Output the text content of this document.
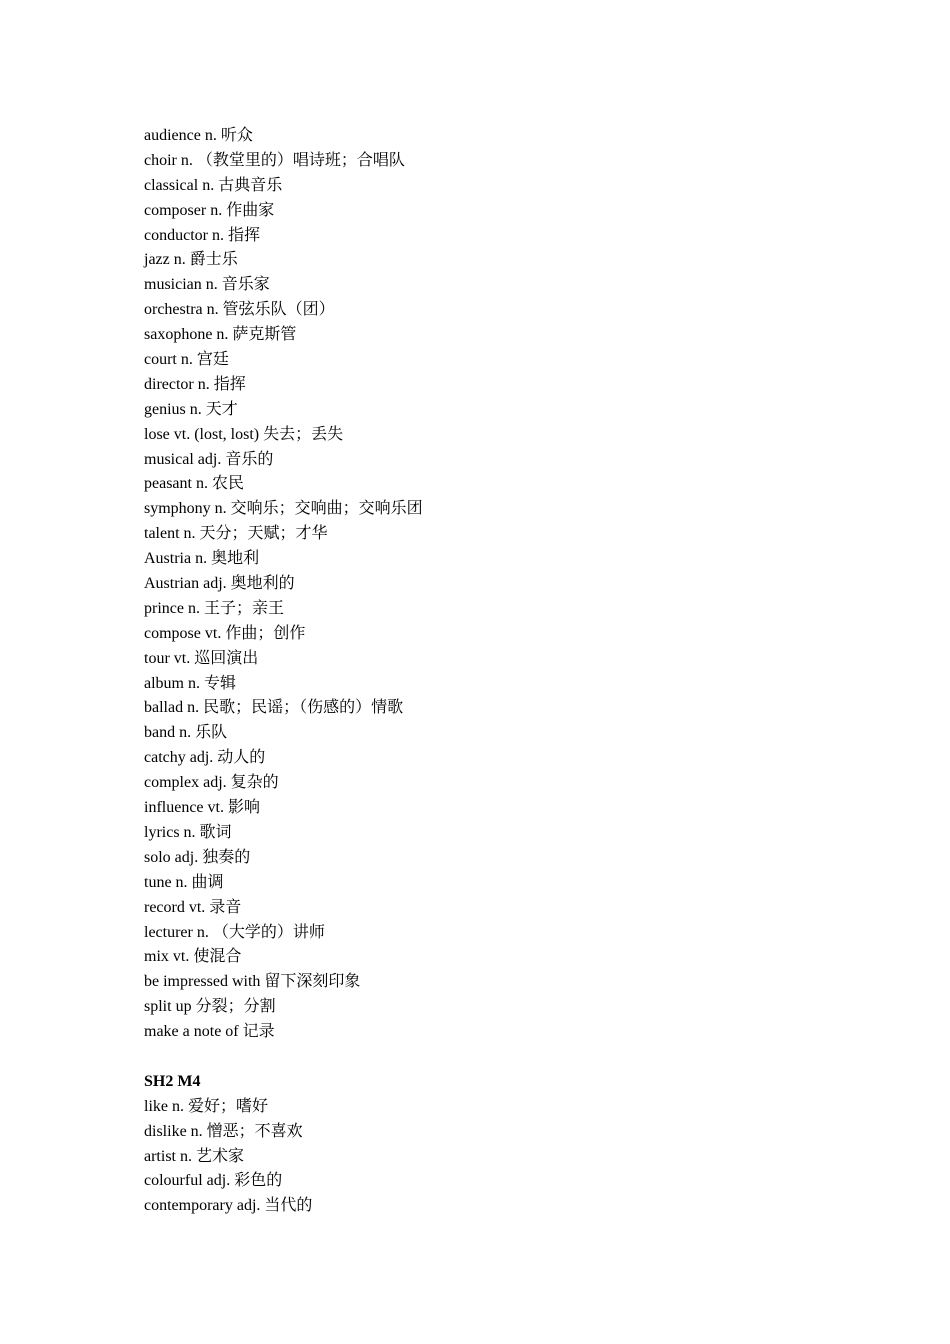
audience n. 听众
choir n. （教堂里的）唱诗班；合唱队
classical n. 古典音乐
composer n. 作曲家
conductor n. 指挥
jazz n. 爵士乐
musician n. 音乐家
orchestra n. 管弦乐队（团）
saxophone n. 萨克斯管
court n. 宫廷
director n. 指挥
genius n. 天才
lose vt. (lost, lost) 失去；丢失
musical adj. 音乐的
peasant n. 农民
symphony n. 交响乐；交响曲；交响乐团
talent n. 天分；天赋；才华
Austria n. 奥地利
Austrian adj. 奥地利的
prince n. 王子；亲王
compose vt. 作曲；创作
tour vt. 巡回演出
album n. 专辑
ballad n. 民歌；民谣；（伤感的）情歌
band n. 乐队
catchy adj. 动人的
complex adj. 复杂的
influence vt. 影响
lyrics n. 歌词
solo adj. 独奏的
tune n. 曲调
record vt. 录音
lecturer n. （大学的）讲师
mix vt. 使混合
be impressed with 留下深刻印象
split up 分裂；分割
make a note of 记录
SH2 M4
like n. 爱好；嗜好
dislike n. 憎恶；不喜欢
artist n. 艺术家
colourful adj. 彩色的
contemporary adj. 当代的
